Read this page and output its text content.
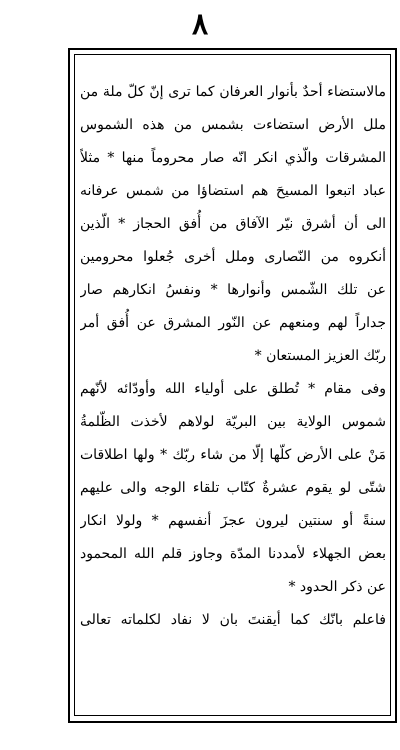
٨
مالاستضاء أحدٌ بأنوار العرفان كما ترى إنّ كلّ ملة من
ملل الأرض استضاءت بشمس من هذه الشموس
المشرقات والّذي انكر انّه صار محروماً منها * مثلاً
عباد اتبعوا المسيحَ هم استضاؤا من شمس عرفانه
الى أن أشرق نيّر الآفاق من أُفق الحجاز * الّذين
أنكروه من النّصارى وملل أخرى جُعلوا محرومين
عن تلك الشّمس وأنوارها * ونفسُ انكارهم صار
جداراً لهم ومنعهم عن النّور المشرق عن أُفق أمر
ربّك العزيز المستعان *
وفى مقام * تُطلق على أولياء الله وأودّائه لأنّهم
شموس الولاية بين البريّة لولاهم لأخذت الظّلمةُ
مَنْ على الأرض كلّها إلّا من شاء ربّك * ولها اطلاقات
شتّى لو يقوم عشرةٌ كتّاب تلقاء الوجه والى عليهم
سنةً أو سنتين ليرون عجزَ أنفسهم * ولولا انكار
بعض الجهلاء لأمددنا المدّة وجاوز قلم الله المحمود
عن ذكر الحدود *
فاعلم بانّك كما أيقنتَ بان لا نفاد لكلماته تعالى
